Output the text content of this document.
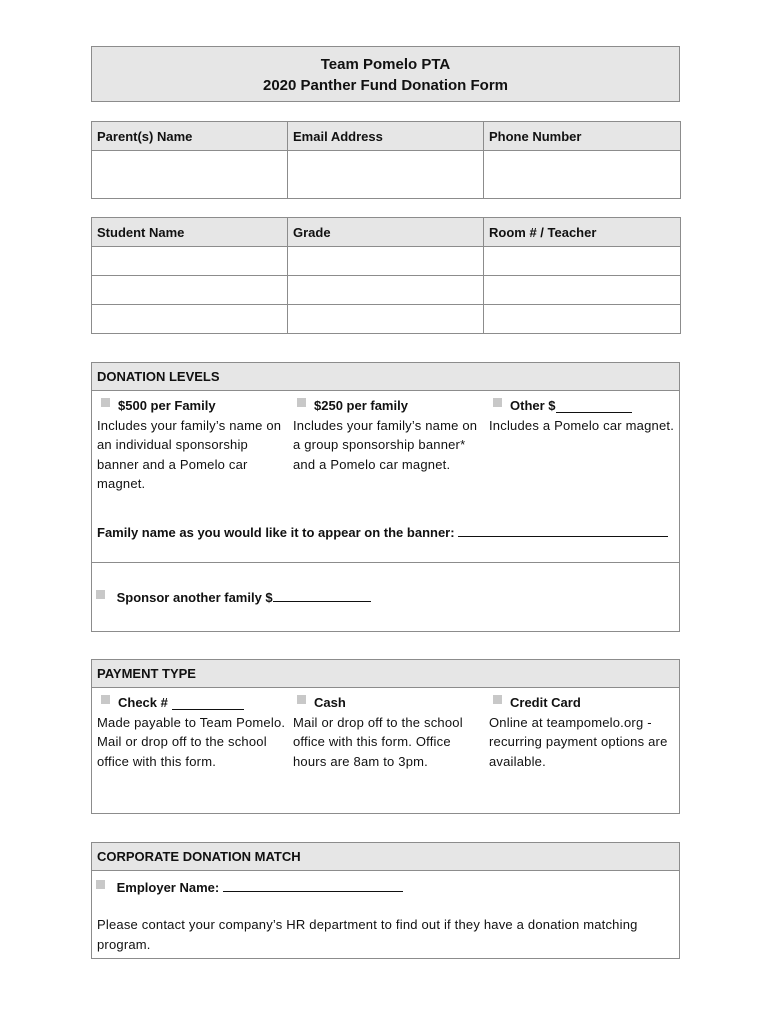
Team Pomelo PTA
2020 Panther Fund Donation Form
Parent(s) Name	Email Address	Phone Number

Student Name	Grade	Room # / Teacher

DONATION LEVELS
$500 per Family
Includes your family’s name on an individual sponsorship banner and a Pomelo car magnet.
$250 per family
Includes your family’s name on a group sponsorship banner* and a Pomelo car magnet.
Other $
Includes a Pomelo car magnet.
Family name as you would like it to appear on the banner:
Sponsor another family $
PAYMENT TYPE
Check #

Made payable to Team Pomelo. Mail or drop off to the school office with this form.
Cash
Mail or drop off to the school office with this form. Office hours are 8am to 3pm.
Credit Card
Online at teampomelo.org - recurring payment options are available.
CORPORATE DONATION MATCH
Employer Name:
Please contact your company’s HR department to find out if they have a donation matching program.
